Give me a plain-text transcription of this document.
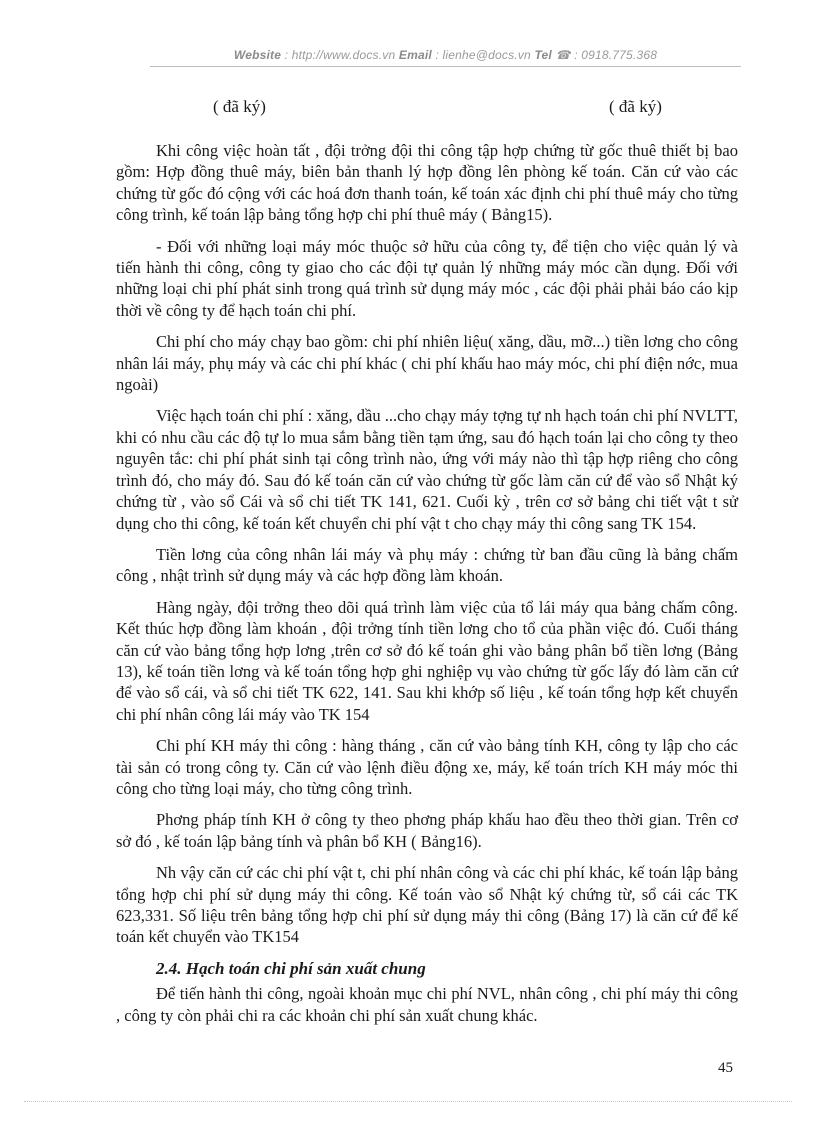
Website : http://www.docs.vn Email : lienhe@docs.vn Tel ☎ : 0918.775.368
( đã ký)	( đã ký)

Khi công việc hoàn tất , đội trởng đội thi công tập hợp chứng từ gốc thuê thiết bị bao gồm: Hợp đồng thuê máy, biên bản thanh lý hợp đồng lên phòng kế toán. Căn cứ vào các chứng từ gốc đó cộng với các hoá đơn thanh toán, kế toán xác định chi phí thuê máy cho từng công trình, kế toán lập bảng tổng hợp chi phí thuê máy ( Bảng15).

- Đối với những loại máy móc thuộc sở hữu của công ty, để tiện cho việc quản lý và tiến hành thi công, công ty giao cho các đội tự quản lý những máy móc cần dụng. Đối với những loại chi phí phát sinh trong quá trình sử dụng máy móc , các đội phải phải báo cáo kịp thời về công ty để hạch toán chi phí.

Chi phí cho máy chạy bao gồm: chi phí nhiên liệu( xăng, dầu, mỡ...) tiền lơng cho công nhân lái máy, phụ máy và các chi phí khác ( chi phí khấu hao máy móc, chi phí điện nớc, mua ngoài)

Việc hạch toán chi phí : xăng, dầu ...cho chạy máy tợng tự nh hạch toán chi phí NVLTT, khi có nhu cầu các độ tự lo mua sắm bằng tiền tạm ứng, sau đó hạch toán lại cho công ty theo nguyên tắc: chi phí phát sinh tại công trình nào, ứng với máy nào thì tập hợp riêng cho công trình đó, cho máy đó. Sau đó kế toán căn cứ vào chứng từ gốc làm căn cứ để vào sổ Nhật ký chứng từ , vào sổ Cái và sổ chi tiết TK 141, 621. Cuối kỳ , trên cơ sở bảng chi tiết vật t sử dụng cho thi công, kế toán kết chuyển chi phí vật t cho chạy máy thi công sang TK 154.

Tiền lơng của công nhân lái máy và phụ máy : chứng từ ban đầu cũng là bảng chấm công , nhật trình sử dụng máy và các hợp đồng làm khoán.

Hàng ngày, đội trởng theo dõi quá trình làm việc của tổ lái máy qua bảng chấm công. Kết thúc hợp đồng làm khoán , đội trởng tính tiền lơng cho tổ của phần việc đó. Cuối tháng căn cứ vào bảng tổng hợp lơng ,trên cơ sở đó kế toán ghi vào bảng phân bổ tiền lơng (Bảng 13), kế toán tiền lơng và kế toán tổng hợp ghi nghiệp vụ vào chứng từ gốc lấy đó làm căn cứ để vào sổ cái, và sổ chi tiết TK 622, 141. Sau khi khớp số liệu , kế toán tổng hợp kết chuyển chi phí nhân công lái máy vào TK 154

Chi phí KH máy thi công : hàng tháng , căn cứ vào bảng tính KH, công ty lập cho các tài sản có trong công ty. Căn cứ vào lệnh điều động xe, máy, kế toán trích KH máy móc thi công cho từng loại máy, cho từng công trình.

Phơng pháp tính KH ở công ty theo phơng pháp khấu hao đều theo thời gian. Trên cơ sở đó , kế toán lập bảng tính và phân bổ KH ( Bảng16).

Nh vậy căn cứ các chi phí vật t, chi phí nhân công và các chi phí khác, kế toán lập bảng tổng hợp chi phí sử dụng máy thi công. Kế toán vào sổ Nhật ký chứng từ, sổ cái các TK 623,331. Số liệu trên bảng tổng hợp chi phí sử dụng máy thi công (Bảng 17) là căn cứ để kế toán kết chuyển vào TK154

2.4. Hạch toán chi phí sản xuất chung

Để tiến hành thi công, ngoài khoản mục chi phí NVL, nhân công , chi phí máy thi công , công ty còn phải chi ra các khoản chi phí sản xuất chung khác.

45
